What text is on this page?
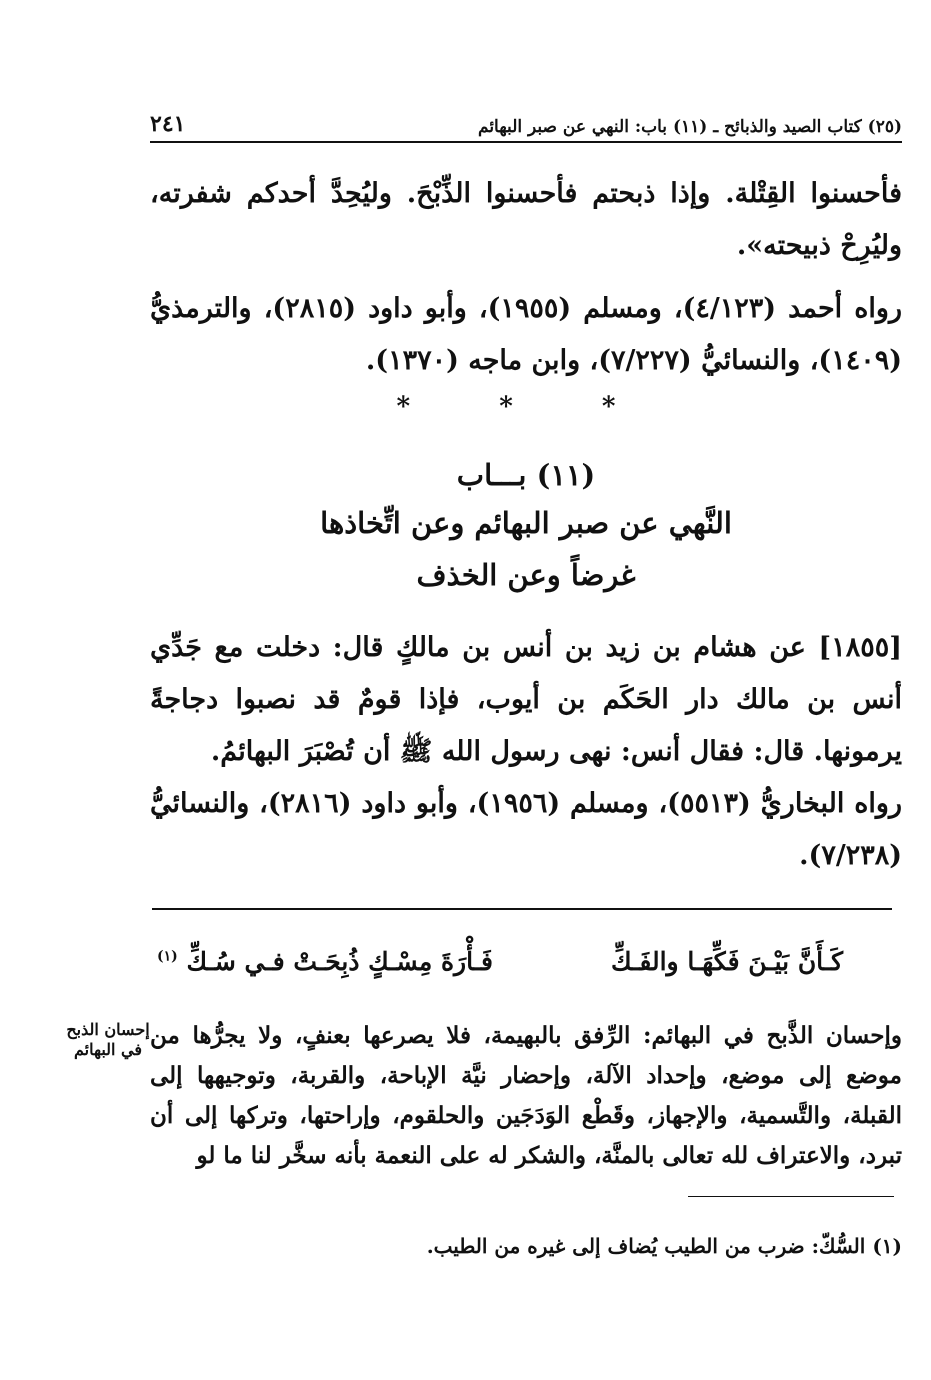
(٢٥) كتاب الصيد والذبائح ـ (١١) باب: النهي عن صبر البهائم
٢٤١
فأحسنوا القِتْلة. وإذا ذبحتم فأحسنوا الذِّبْحَ. وليُحِدَّ أحدكم شفرته، وليُرِحْ ذبيحته».
رواه أحمد (٤/١٢٣)، ومسلم (١٩٥٥)، وأبو داود (٢٨١٥)، والترمذيُّ (١٤٠٩)، والنسائيُّ (٧/٢٢٧)، وابن ماجه (١٣٧٠).
* * *
(١١) بـــاب
النَّهي عن صبر البهائم وعن اتِّخاذها
غرضاً وعن الخذف
[١٨٥٥] عن هشام بن زيد بن أنس بن مالكٍ قال: دخلت مع جَدِّي أنس بن مالك دار الحَكَم بن أيوب، فإذا قومٌ قد نصبوا دجاجةً يرمونها. قال: فقال أنس: نهى رسول الله ﷺ أن تُصْبَرَ البهائمُ.
رواه البخاريُّ (٥٥١٣)، ومسلم (١٩٥٦)، وأبو داود (٢٨١٦)، والنسائيُّ (٧/٢٣٨).
كَـأَنَّ بَيْـنَ فَكِّهَـا والفَـكِّ
فَـأْرَةَ مِسْـكٍ ذُبِحَـتْ فـي سُـكِّ $^{(١)}$
وإحسان الذَّبح في البهائم: الرِّفق بالبهيمة، فلا يصرعها بعنفٍ، ولا يجرُّها من موضع إلى موضع، وإحداد الآلة، وإحضار نيَّة الإباحة، والقربة، وتوجيهها إلى القبلة، والتَّسمية، والإجهاز، وقَطْع الوَدَجَين والحلقوم، وإراحتها، وتركها إلى أن تبرد، والاعتراف لله تعالى بالمنَّة، والشكر له على النعمة بأنه سخَّر لنا ما لو
إحسان الذبح في البهائم
(١) السُّكّ: ضرب من الطيب يُضاف إلى غيره من الطيب.
